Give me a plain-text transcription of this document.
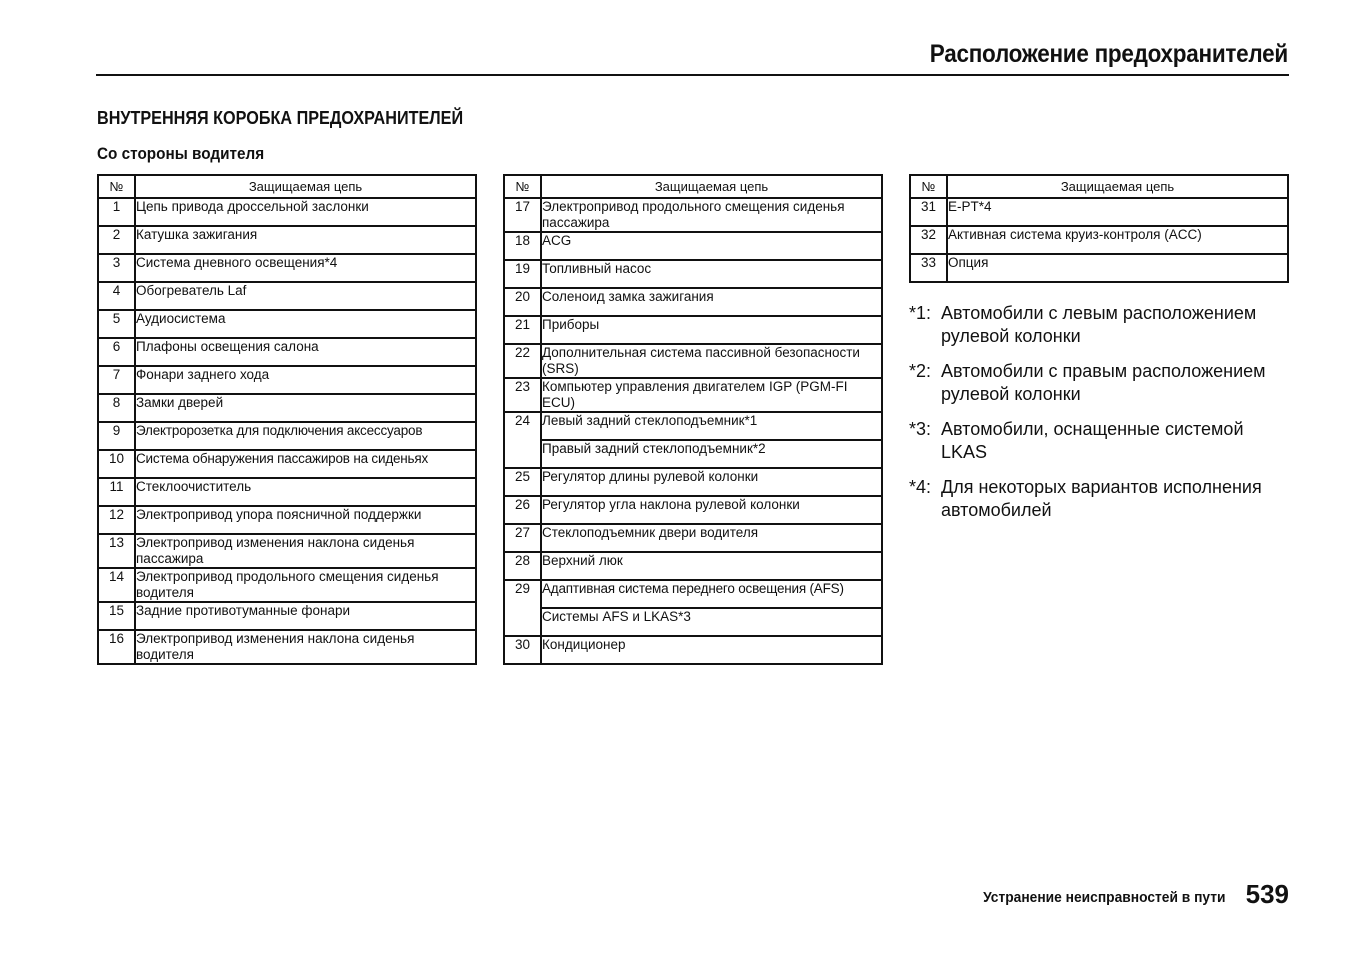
Расположение предохранителей
ВНУТРЕННЯЯ КОРОБКА ПРЕДОХРАНИТЕЛЕЙ
Со стороны водителя
№	Защищаемая цепь
1	Цепь привода дроссельной заслонки
2	Катушка зажигания
3	Система дневного освещения*4
4	Обогреватель Laf
5	Аудиосистема
6	Плафоны освещения салона
7	Фонари заднего хода
8	Замки дверей
9	Электророзетка для подключения аксессуаров
10	Система обнаружения пассажиров на сиденьях
11	Стеклоочиститель
12	Электропривод упора поясничной поддержки
13	Электропривод изменения наклона сиденья пассажира
14	Электропривод продольного смещения сиденья водителя
15	Задние противотуманные фонари
16	Электропривод изменения наклона сиденья водителя
№	Защищаемая цепь
17	Электропривод продольного смещения сиденья пассажира
18	ACG
19	Топливный насос
20	Соленоид замка зажигания
21	Приборы
22	Дополнительная система пассивной безопасности (SRS)
23	Компьютер управления двигателем IGP (PGM-FI ECU)
24	Левый задний стеклоподъемник*1
	Правый задний стеклоподъемник*2
25	Регулятор длины рулевой колонки
26	Регулятор угла наклона рулевой колонки
27	Стеклоподъемник двери водителя
28	Верхний люк
29	Адаптивная система переднего освещения (AFS)
	Системы AFS и LKAS*3
30	Кондиционер
№	Защищаемая цепь
31	E-PT*4
32	Активная система круиз-контроля (ACC)
33	Опция
*1: Автомобили с левым расположением рулевой колонки
*2: Автомобили с правым расположением рулевой колонки
*3: Автомобили, оснащенные системой LKAS
*4: Для некоторых вариантов исполнения автомобилей
Устранение неисправностей в пути 539
